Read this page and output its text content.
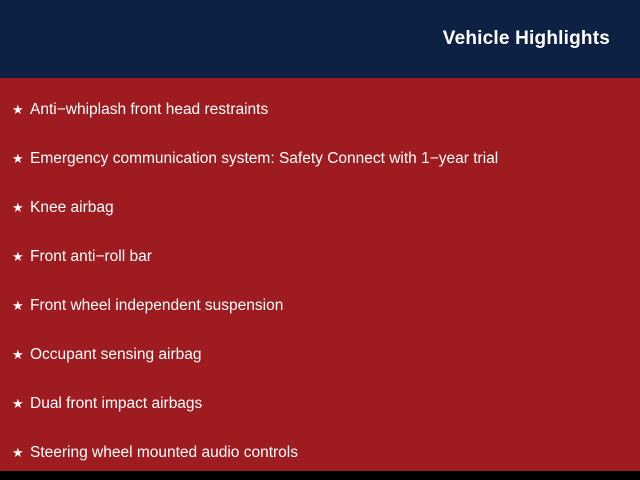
Vehicle Highlights
★ Anti−whiplash front head restraints
★ Emergency communication system: Safety Connect with 1−year trial
★ Knee airbag
★ Front anti−roll bar
★ Front wheel independent suspension
★ Occupant sensing airbag
★ Dual front impact airbags
★ Steering wheel mounted audio controls
